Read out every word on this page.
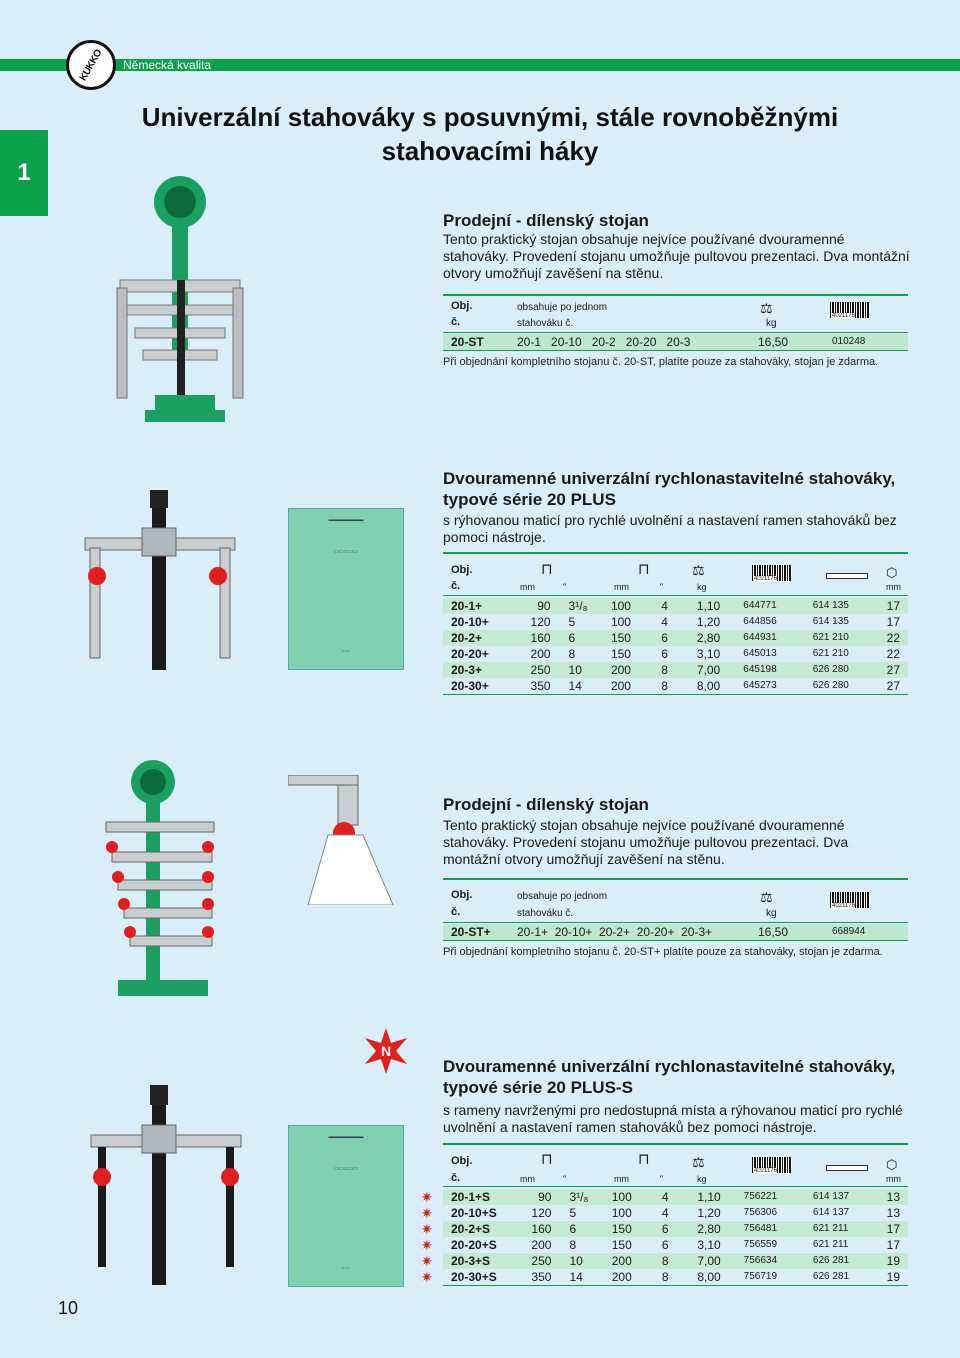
KUKKO Německá kvalita
1
Univerzální stahováky s posuvnými, stále rovnoběžnými
stahovacími háky

Prodejní - dílenský stojan

Tento praktický stojan obsahuje nejvíce používané dvouramenné stahováky. Provedení stojanu umožňuje pultovou prezentaci. Dva montážní otvory umožňují zavěšení na stěnu.

Obj.
č.
obsahuje po jednom
stahováku č.
⚖
kg
4021176
20-ST	20-1   20-10   20-2   20-20   20-3	16,50	010248
Při objednání kompletního stojanu č. 20-ST, platíte pouze za stahováky, stojan je zdarma.
▬▬▬▬▬▬▬
▭▭▭▭▭
~~~

Dvouramenné univerzální rychlonastavitelné stahováky, typové série 20 PLUS

s rýhovanou maticí pro rychlé uvolnění a nastavení ramen stahováků bez pomoci nástroje.

Obj.
č.
⊓
mm	"
⊓
mm	"
⚖
kg
4021176	⬡
mm
20-1+	90	3¹/₈	100	4	1,10	644771	614 135	17
20-10+	120	5	100	4	1,20	644856	614 135	17
20-2+	160	6	150	6	2,80	644931	621 210	22
20-20+	200	8	150	6	3,10	645013	621 210	22
20-3+	250	10	200	8	7,00	645198	626 280	27
20-30+	350	14	200	8	8,00	645273	626 280	27

Prodejní - dílenský stojan

Tento praktický stojan obsahuje nejvíce používané dvouramenné stahováky. Provedení stojanu umožňuje pultovou prezentaci. Dva montážní otvory umožňují zavěšení na stěnu.

Obj.
č.
obsahuje po jednom
stahováku č.
⚖
kg
4021176
20-ST+ 20-1+  20-10+  20-2+  20-20+  20-3+	16,50	668944
Při objednání kompletního stojanu č. 20-ST+ platíte pouze za stahováky, stojan je zdarma.
N
▬▬▬▬▬▬▬
▭▭▭▭▭
~~~

Dvouramenné univerzální rychlonastavitelné stahováky, typové série 20 PLUS-S

s rameny navrženými pro nedostupná místa a rýhovanou maticí pro rychlé uvolnění a nastavení ramen stahováků bez pomoci nástroje.

Obj.
č.
⊓
mm	"
⊓
mm	"
⚖
kg
4021176	⬡
mm
✷
✷
✷
✷
✷
✷
20-1+S	90	3¹/₈	100	4	1,10	756221	614 137	13
20-10+S	120	5	100	4	1,20	756306	614 137	13
20-2+S	160	6	150	6	2,80	756481	621 211	17
20-20+S	200	8	150	6	3,10	756559	621 211	17
20-3+S	250	10	200	8	7,00	756634	626 281	19
20-30+S	350	14	200	8	8,00	756719	626 281	19
10
